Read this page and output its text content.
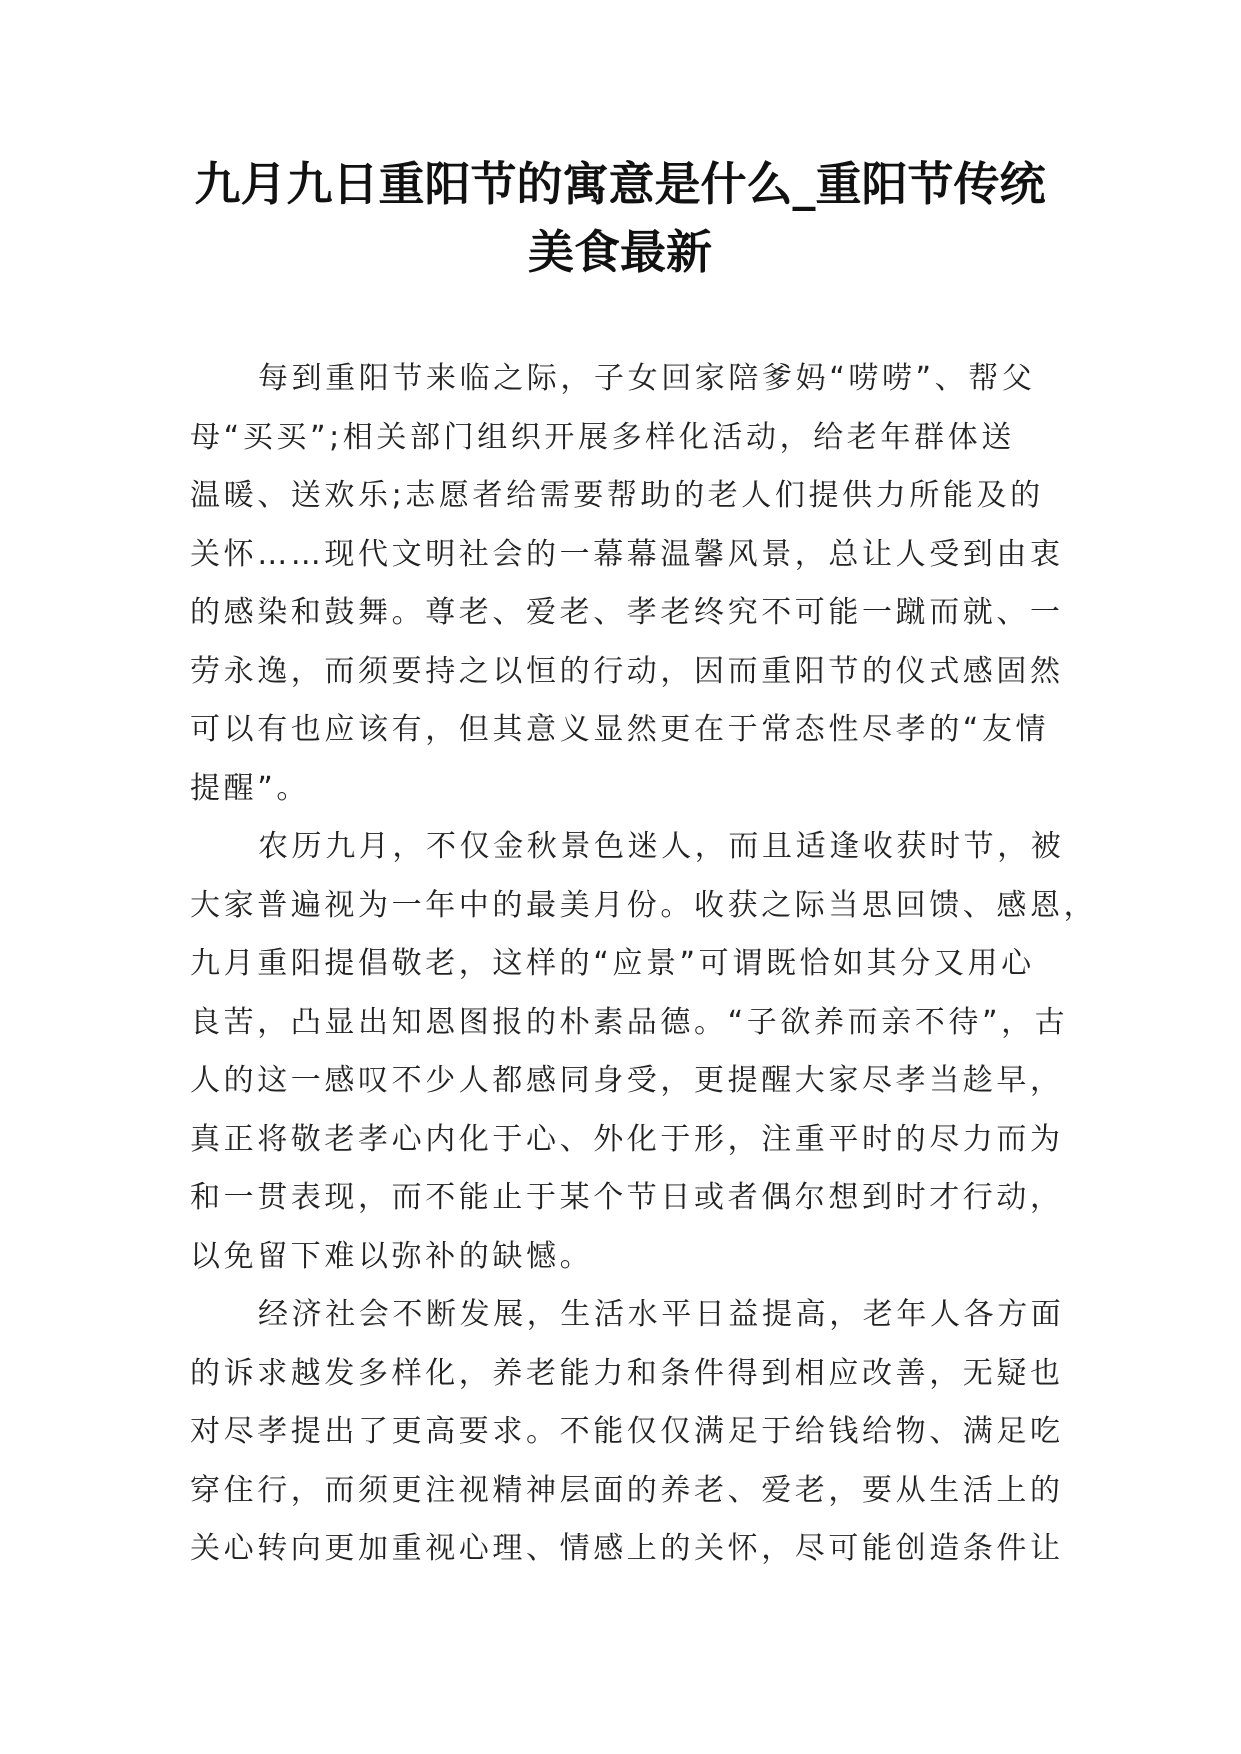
九月九日重阳节的寓意是什么_重阳节传统
美食最新

每到重阳节来临之际，子女回家陪爹妈“唠唠”、帮父
母“买买”;相关部门组织开展多样化活动，给老年群体送
温暖、送欢乐;志愿者给需要帮助的老人们提供力所能及的
关怀……现代文明社会的一幕幕温馨风景，总让人受到由衷
的感染和鼓舞。尊老、爱老、孝老终究不可能一蹴而就、一
劳永逸，而须要持之以恒的行动，因而重阳节的仪式感固然
可以有也应该有，但其意义显然更在于常态性尽孝的“友情
提醒”。

农历九月，不仅金秋景色迷人，而且适逢收获时节，被
大家普遍视为一年中的最美月份。收获之际当思回馈、感恩，
九月重阳提倡敬老，这样的“应景”可谓既恰如其分又用心
良苦，凸显出知恩图报的朴素品德。“子欲养而亲不待”，古
人的这一感叹不少人都感同身受，更提醒大家尽孝当趁早，
真正将敬老孝心内化于心、外化于形，注重平时的尽力而为
和一贯表现，而不能止于某个节日或者偶尔想到时才行动，
以免留下难以弥补的缺憾。

经济社会不断发展，生活水平日益提高，老年人各方面
的诉求越发多样化，养老能力和条件得到相应改善，无疑也
对尽孝提出了更高要求。不能仅仅满足于给钱给物、满足吃
穿住行，而须更注视精神层面的养老、爱老，要从生活上的
关心转向更加重视心理、情感上的关怀，尽可能创造条件让
